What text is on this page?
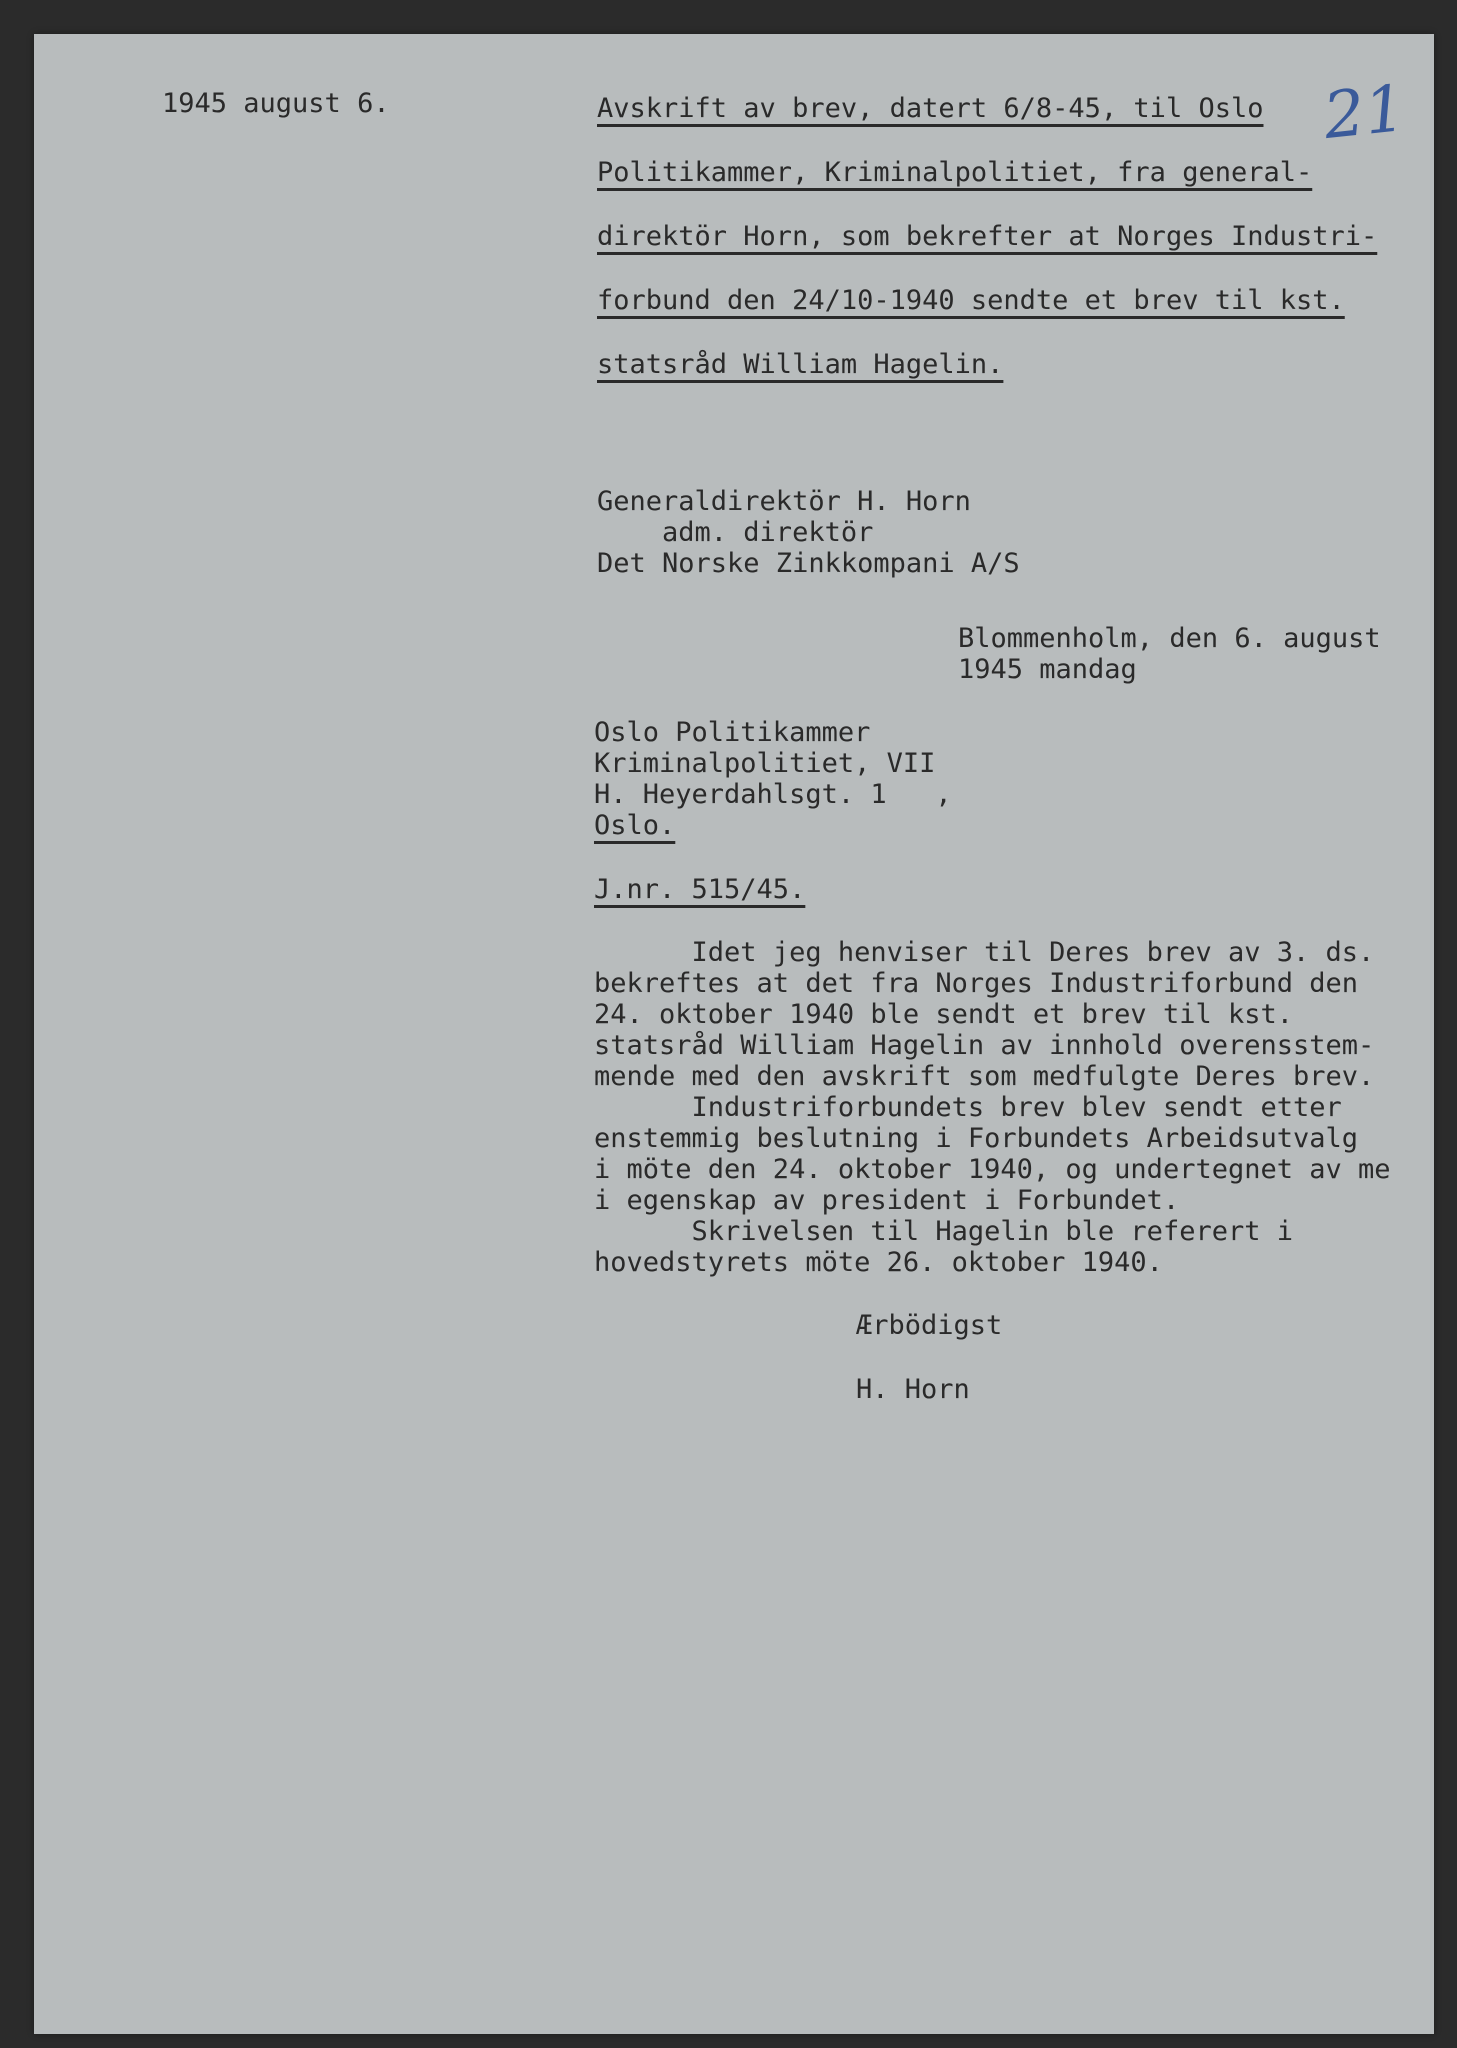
1945 august 6.	21

Avskrift av brev, datert 6/8-45, til Oslo

Politikammer, Kriminalpolitiet, fra general-

direktör Horn, som bekrefter at Norges Industri-

forbund den 24/10-1940 sendte et brev til kst.

statsråd William Hagelin.

Generaldirektör H. Horn

adm. direktör

Det Norske Zinkkompani A/S

Blommenholm, den 6. august

1945 mandag

Oslo Politikammer

Kriminalpolitiet, VII

H. Heyerdahlsgt. 1   ,

Oslo.

J.nr. 515/45.

Idet jeg henviser til Deres brev av 3. ds.

bekreftes at det fra Norges Industriforbund den

24. oktober 1940 ble sendt et brev til kst.

statsråd William Hagelin av innhold overensstem-

mende med den avskrift som medfulgte Deres brev.

Industriforbundets brev blev sendt etter

enstemmig beslutning i Forbundets Arbeidsutvalg

i möte den 24. oktober 1940, og undertegnet av me

i egenskap av president i Forbundet.

Skrivelsen til Hagelin ble referert i

hovedstyrets möte 26. oktober 1940.

Ærbödigst

H. Horn
